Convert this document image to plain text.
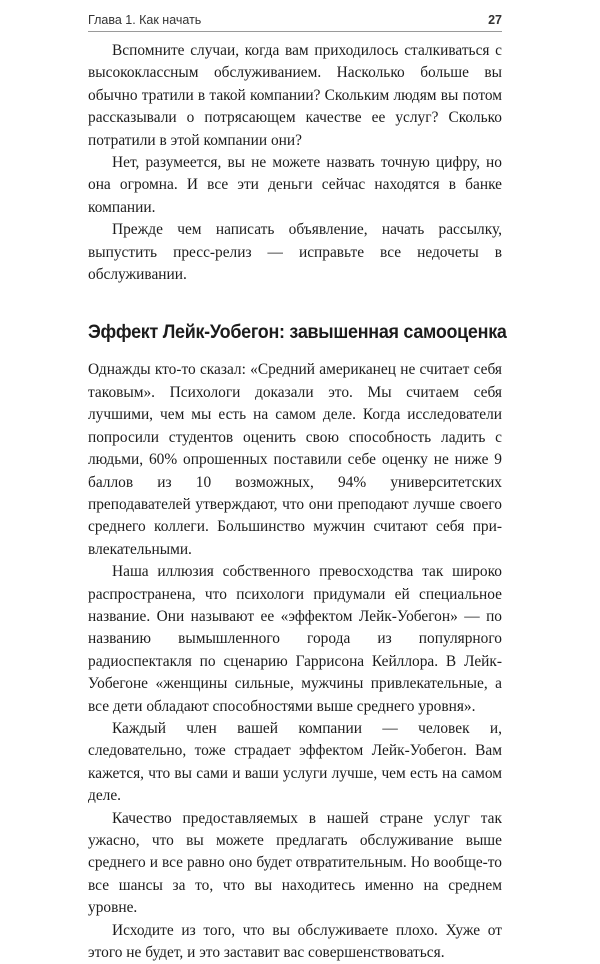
Глава 1. Как начать	27

Вспомните случаи, когда вам приходилось сталкиваться с высококлассным обслуживанием. Насколько больше вы обычно тратили в такой компании? Скольким людям вы потом рассказывали о потрясающем качестве ее услуг? Сколько потратили в этой компании они?

Нет, разумеется, вы не можете назвать точную цифру, но она огромна. И все эти деньги сейчас находятся в банке компании.

Прежде чем написать объявление, начать рассылку, выпустить пресс-релиз — исправьте все недочеты в обслуживании.

Эффект Лейк-Уобегон: завышенная самооценка

Однажды кто-то сказал: «Средний американец не считает себя таковым». Психологи доказали это. Мы считаем себя лучшими, чем мы есть на самом деле. Когда исследователи попросили студентов оценить свою способность ладить с людьми, 60% опрошенных поставили себе оценку не ниже 9 баллов из 10 возможных, 94% университетских преподавателей утверждают, что они преподают лучше своего среднего коллеги. Большинство мужчин считают себя привлекательными.

Наша иллюзия собственного превосходства так широко распространена, что психологи придумали ей специальное название. Они называют ее «эффектом Лейк-Уобегон» — по названию вымышленного города из популярного радиоспектакля по сценарию Гаррисона Кейллора. В Лейк-Уобегоне «женщины сильные, мужчины привлекательные, а все дети обладают способностями выше среднего уровня».

Каждый член вашей компании — человек и, следовательно, тоже страдает эффектом Лейк-Уобегон. Вам кажется, что вы сами и ваши услуги лучше, чем есть на самом деле.

Качество предоставляемых в нашей стране услуг так ужасно, что вы можете предлагать обслуживание выше среднего и все равно оно будет отвратительным. Но вообще-то все шансы за то, что вы находитесь именно на среднем уровне.

Исходите из того, что вы обслуживаете плохо. Хуже от этого не будет, и это заставит вас совершенствоваться.
